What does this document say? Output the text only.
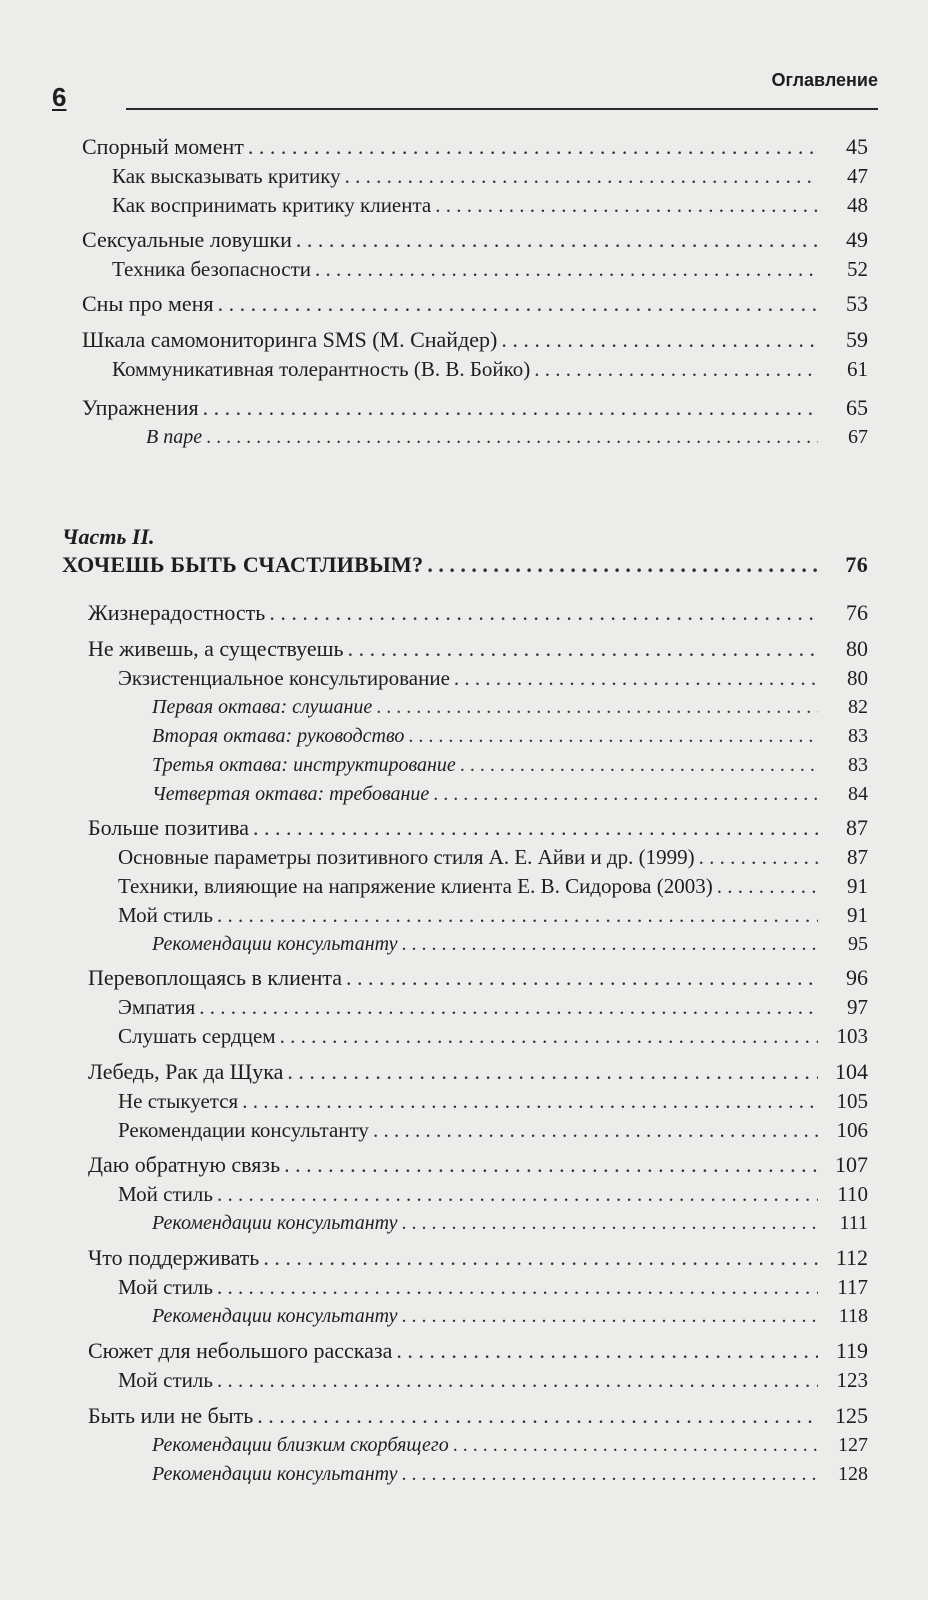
6
Оглавление
Часть II.
Спорный момент . . .	45
Как высказывать критику . . .	47
Как воспринимать критику клиента . . .	48
Сексуальные ловушки . . .	49
Техника безопасности . . .	52
Сны про меня . . .	53
Шкала самомониторинга SMS (М. Снайдер) . . .	59
Коммуникативная толерантность (В. В. Бойко) . . .	61
Упражнения . . .	65
В паре . . .	67
ХОЧЕШЬ БЫТЬ СЧАСТЛИВЫМ? . . .	76
Жизнерадостность . . .	76
Не живешь, а существуешь . . .	80
Экзистенциальное консультирование . . .	80
Первая октава: слушание . . .	82
Вторая октава: руководство . . .	83
Третья октава: инструктирование . . .	83
Четвертая октава: требование . . .	84
Больше позитива . . .	87
Основные параметры позитивного стиля А. Е. Айви и др. (1999) . . .	87
Техники, влияющие на напряжение клиента Е. В. Сидорова (2003) . . .	91
Мой стиль . . .	91
Рекомендации консультанту . . .	95
Перевоплощаясь в клиента . . .	96
Эмпатия . . .	97
Слушать сердцем . . .	103
Лебедь, Рак да Щука . . .	104
Не стыкуется . . .	105
Рекомендации консультанту . . .	106
Даю обратную связь . . .	107
Мой стиль . . .	110
Рекомендации консультанту . . .	111
Что поддерживать . . .	112
Мой стиль . . .	117
Рекомендации консультанту . . .	118
Сюжет для небольшого рассказа . . .	119
Мой стиль . . .	123
Быть или не быть . . .	125
Рекомендации близким скорбящего . . .	127
Рекомендации консультанту . . .	128
